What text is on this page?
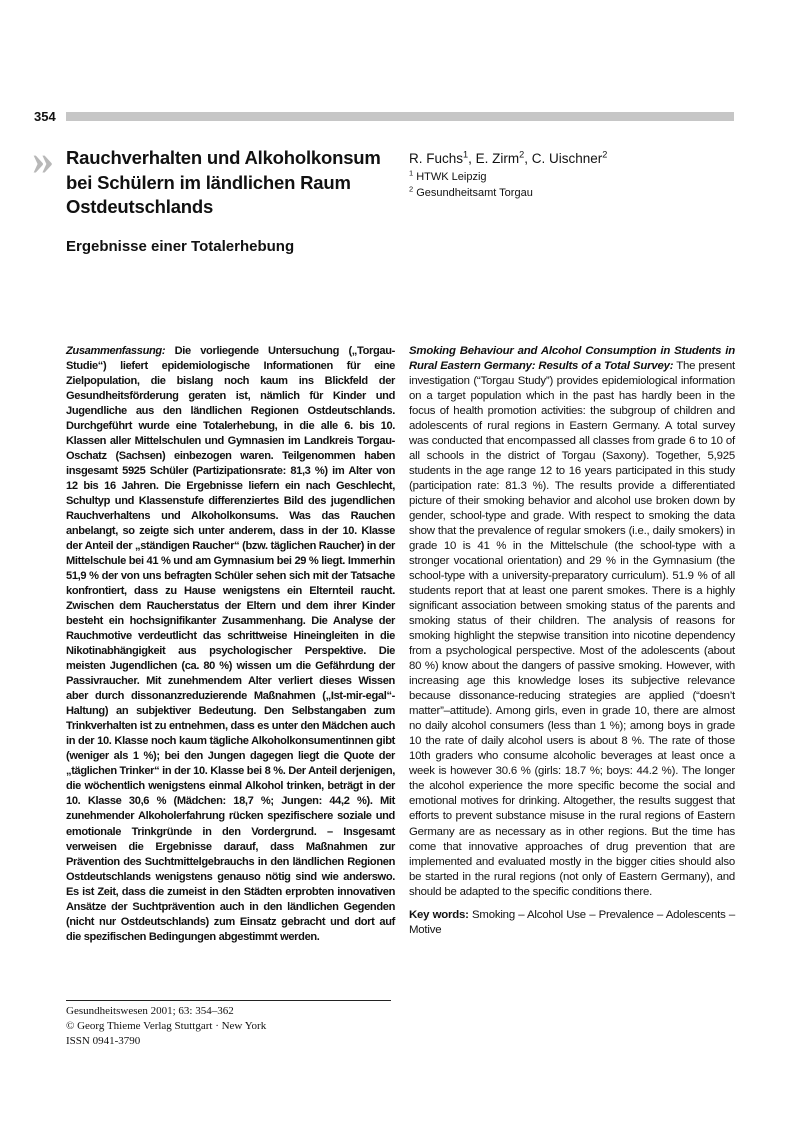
354
» Rauchverhalten und Alkoholkonsum
bei Schülern im ländlichen Raum
Ostdeutschlands
Ergebnisse einer Totalerhebung
R. Fuchs$^1$, E. Zirm$^2$, C. Uischner$^2$
$^1$ HTWK Leipzig
$^2$ Gesundheitsamt Torgau
Zusammenfassung: Die vorliegende Untersuchung („Torgau-Studie“) liefert epidemiologische Informationen für eine Zielpopulation, die bislang noch kaum ins Blickfeld der Gesundheitsförderung geraten ist, nämlich für Kinder und Jugendliche aus den ländlichen Regionen Ostdeutschlands. Durchgeführt wurde eine Totalerhebung, in die alle 6. bis 10. Klassen aller Mittelschulen und Gymnasien im Landkreis Torgau-Oschatz (Sachsen) einbezogen waren. Teilgenommen haben insgesamt 5925 Schüler (Partizipationsrate: 81,3 %) im Alter von 12 bis 16 Jahren. Die Ergebnisse liefern ein nach Geschlecht, Schultyp und Klassenstufe differenziertes Bild des jugendlichen Rauchverhaltens und Alkoholkonsums. Was das Rauchen anbelangt, so zeigte sich unter anderem, dass in der 10. Klasse der Anteil der „ständigen Raucher“ (bzw. täglichen Raucher) in der Mittelschule bei 41 % und am Gymnasium bei 29 % liegt. Immerhin 51,9 % der von uns befragten Schüler sehen sich mit der Tatsache konfrontiert, dass zu Hause wenigstens ein Elternteil raucht. Zwischen dem Raucherstatus der Eltern und dem ihrer Kinder besteht ein hochsignifikanter Zusammenhang. Die Analyse der Rauchmotive verdeutlicht das schrittweise Hineingleiten in die Nikotinabhängigkeit aus psychologischer Perspektive. Die meisten Jugendlichen (ca. 80 %) wissen um die Gefährdung der Passivraucher. Mit zunehmendem Alter verliert dieses Wissen aber durch dissonanzreduzierende Maßnahmen („Ist-mir-egal“-Haltung) an subjektiver Bedeutung. Den Selbstangaben zum Trinkverhalten ist zu entnehmen, dass es unter den Mädchen auch in der 10. Klasse noch kaum tägliche Alkoholkonsumentinnen gibt (weniger als 1 %); bei den Jungen dagegen liegt die Quote der „täglichen Trinker“ in der 10. Klasse bei 8 %. Der Anteil derjenigen, die wöchentlich wenigstens einmal Alkohol trinken, beträgt in der 10. Klasse 30,6 % (Mädchen: 18,7 %; Jungen: 44,2 %). Mit zunehmender Alkoholerfahrung rücken spezifischere soziale und emotionale Trinkgründe in den Vordergrund. – Insgesamt verweisen die Ergebnisse darauf, dass Maßnahmen zur Prävention des Suchtmittelgebrauchs in den ländlichen Regionen Ostdeutschlands wenigstens genauso nötig sind wie anderswo. Es ist Zeit, dass die zumeist in den Städten erprobten innovativen Ansätze der Suchtprävention auch in den ländlichen Gegenden (nicht nur Ostdeutschlands) zum Einsatz gebracht und dort auf die spezifischen Bedingungen abgestimmt werden.
Smoking Behaviour and Alcohol Consumption in Students in Rural Eastern Germany: Results of a Total Survey: The present investigation (“Torgau Study”) provides epidemiological information on a target population which in the past has hardly been in the focus of health promotion activities: the subgroup of children and adolescents of rural regions in Eastern Germany. A total survey was conducted that encompassed all classes from grade 6 to 10 of all schools in the district of Torgau (Saxony). Together, 5,925 students in the age range 12 to 16 years participated in this study (participation rate: 81.3 %). The results provide a differentiated picture of their smoking behavior and alcohol use broken down by gender, school-type and grade. With respect to smoking the data show that the prevalence of regular smokers (i.e., daily smokers) in grade 10 is 41 % in the Mittelschule (the school-type with a stronger vocational orientation) and 29 % in the Gymnasium (the school-type with a university-preparatory curriculum). 51.9 % of all students report that at least one parent smokes. There is a highly significant association between smoking status of the parents and smoking status of their children. The analysis of reasons for smoking highlight the stepwise transition into nicotine dependency from a psychological perspective. Most of the adolescents (about 80 %) know about the dangers of passive smoking. However, with increasing age this knowledge loses its subjective relevance because dissonance-reducing strategies are applied (“doesn’t matter”–attitude). Among girls, even in grade 10, there are almost no daily alcohol consumers (less than 1 %); among boys in grade 10 the rate of daily alcohol users is about 8 %. The rate of those 10th graders who consume alcoholic beverages at least once a week is however 30.6 % (girls: 18.7 %; boys: 44.2 %). The longer the alcohol experience the more specific become the social and emotional motives for drinking. Altogether, the results suggest that efforts to prevent substance misuse in the rural regions of Eastern Germany are as necessary as in other regions. But the time has come that innovative approaches of drug prevention that are implemented and evaluated mostly in the bigger cities should also be started in the rural regions (not only of Eastern Germany), and should be adapted to the specific conditions there.
Key words: Smoking – Alcohol Use – Prevalence – Adolescents – Motive
Gesundheitswesen 2001; 63: 354–362
© Georg Thieme Verlag Stuttgart · New York
ISSN 0941-3790
